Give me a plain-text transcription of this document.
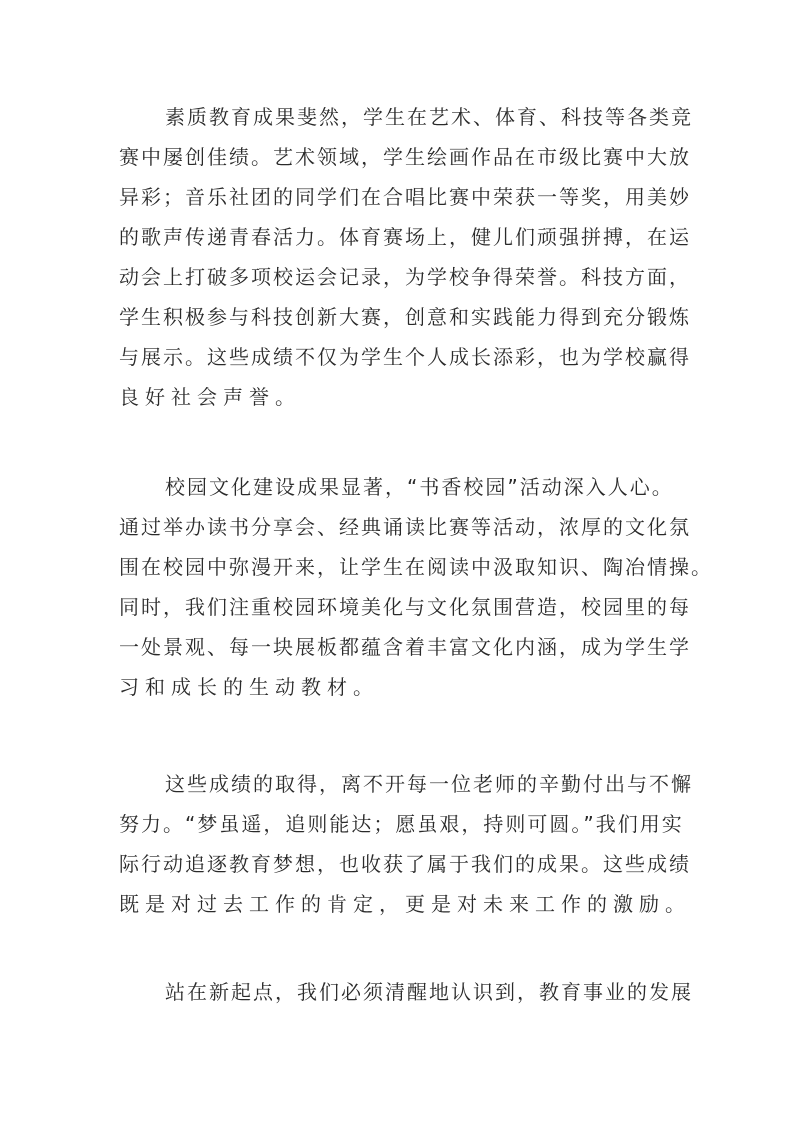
素质教育成果斐然，学生在艺术、体育、科技等各类竞
赛中屡创佳绩。艺术领域，学生绘画作品在市级比赛中大放
异彩；音乐社团的同学们在合唱比赛中荣获一等奖，用美妙
的歌声传递青春活力。体育赛场上，健儿们顽强拼搏，在运
动会上打破多项校运会记录，为学校争得荣誉。科技方面，
学生积极参与科技创新大赛，创意和实践能力得到充分锻炼
与展示。这些成绩不仅为学生个人成长添彩，也为学校赢得
良好社会声誉。
校园文化建设成果显著，“书香校园”活动深入人心。
通过举办读书分享会、经典诵读比赛等活动，浓厚的文化氛
围在校园中弥漫开来，让学生在阅读中汲取知识、陶冶情操。
同时，我们注重校园环境美化与文化氛围营造，校园里的每
一处景观、每一块展板都蕴含着丰富文化内涵，成为学生学
习和成长的生动教材。
这些成绩的取得，离不开每一位老师的辛勤付出与不懈
努力。“梦虽遥，追则能达；愿虽艰，持则可圆。”我们用实
际行动追逐教育梦想，也收获了属于我们的成果。这些成绩
既是对过去工作的肯定，更是对未来工作的激励。
站在新起点，我们必须清醒地认识到，教育事业的发展
